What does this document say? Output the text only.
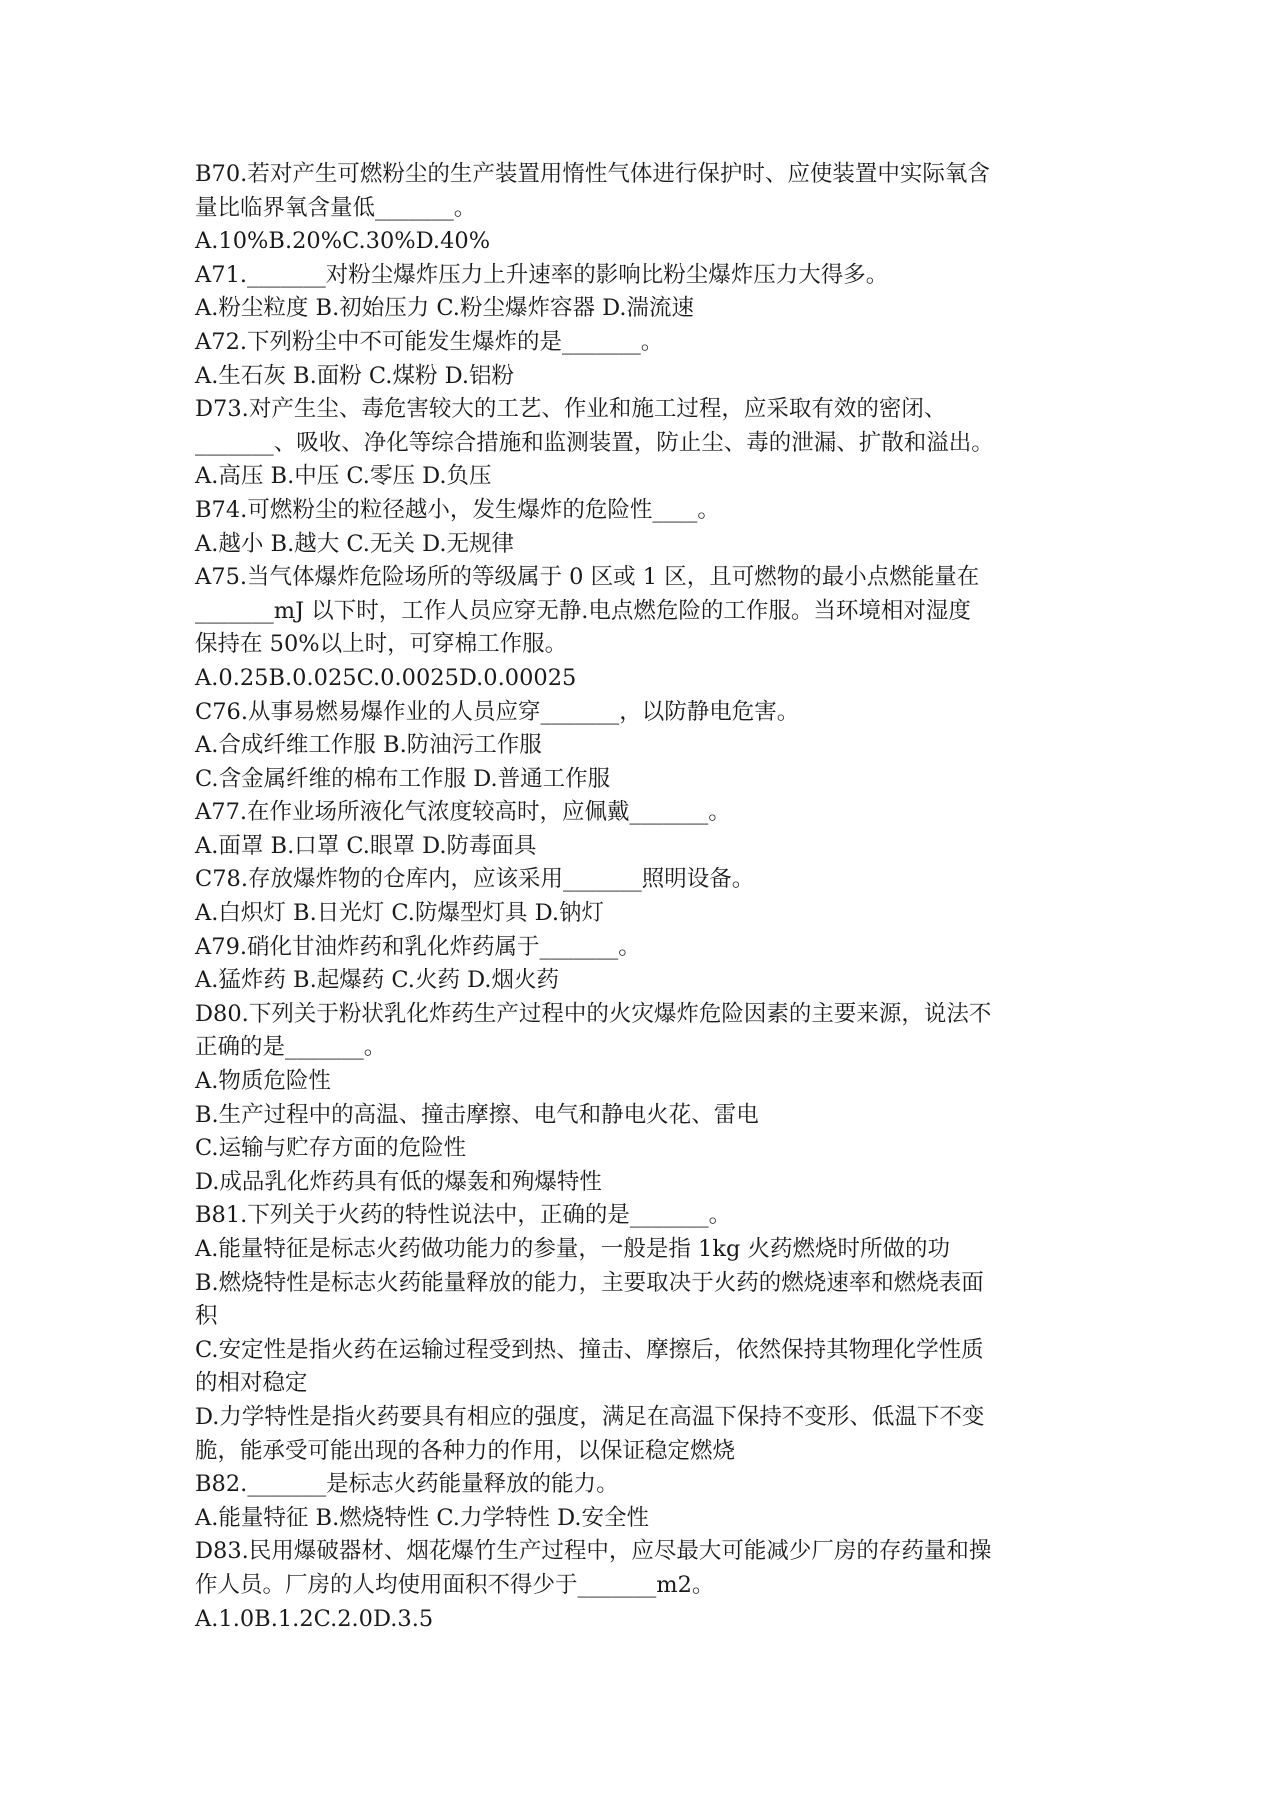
B70.若对产生可燃粉尘的生产装置用惰性气体进行保护时、应使装置中实际氧含
量比临界氧含量低_______。
A.10%B.20%C.30%D.40%
A71._______对粉尘爆炸压力上升速率的影响比粉尘爆炸压力大得多。
A.粉尘粒度 B.初始压力 C.粉尘爆炸容器 D.湍流速
A72.下列粉尘中不可能发生爆炸的是_______。
A.生石灰 B.面粉 C.煤粉 D.铝粉
D73.对产生尘、毒危害较大的工艺、作业和施工过程，应采取有效的密闭、
_______、吸收、净化等综合措施和监测装置，防止尘、毒的泄漏、扩散和溢出。
A.高压 B.中压 C.零压 D.负压
B74.可燃粉尘的粒径越小，发生爆炸的危险性____。
A.越小 B.越大 C.无关 D.无规律
A75.当气体爆炸危险场所的等级属于 0 区或 1 区，且可燃物的最小点燃能量在
_______mJ 以下时，工作人员应穿无静.电点燃危险的工作服。当环境相对湿度
保持在 50%以上时，可穿棉工作服。
A.0.25B.0.025C.0.0025D.0.00025
C76.从事易燃易爆作业的人员应穿_______，以防静电危害。
A.合成纤维工作服 B.防油污工作服
C.含金属纤维的棉布工作服 D.普通工作服
A77.在作业场所液化气浓度较高时，应佩戴_______。
A.面罩 B.口罩 C.眼罩 D.防毒面具
C78.存放爆炸物的仓库内，应该采用_______照明设备。
A.白炽灯 B.日光灯 C.防爆型灯具 D.钠灯
A79.硝化甘油炸药和乳化炸药属于_______。
A.猛炸药 B.起爆药 C.火药 D.烟火药
D80.下列关于粉状乳化炸药生产过程中的火灾爆炸危险因素的主要来源，说法不
正确的是_______。
A.物质危险性
B.生产过程中的高温、撞击摩擦、电气和静电火花、雷电
C.运输与贮存方面的危险性
D.成品乳化炸药具有低的爆轰和殉爆特性
B81.下列关于火药的特性说法中，正确的是_______。
A.能量特征是标志火药做功能力的参量，一般是指 1kg 火药燃烧时所做的功
B.燃烧特性是标志火药能量释放的能力，主要取决于火药的燃烧速率和燃烧表面
积
C.安定性是指火药在运输过程受到热、撞击、摩擦后，依然保持其物理化学性质
的相对稳定
D.力学特性是指火药要具有相应的强度，满足在高温下保持不变形、低温下不变
脆，能承受可能出现的各种力的作用，以保证稳定燃烧
B82._______是标志火药能量释放的能力。
A.能量特征 B.燃烧特性 C.力学特性 D.安全性
D83.民用爆破器材、烟花爆竹生产过程中，应尽最大可能减少厂房的存药量和操
作人员。厂房的人均使用面积不得少于_______m2。
A.1.0B.1.2C.2.0D.3.5
